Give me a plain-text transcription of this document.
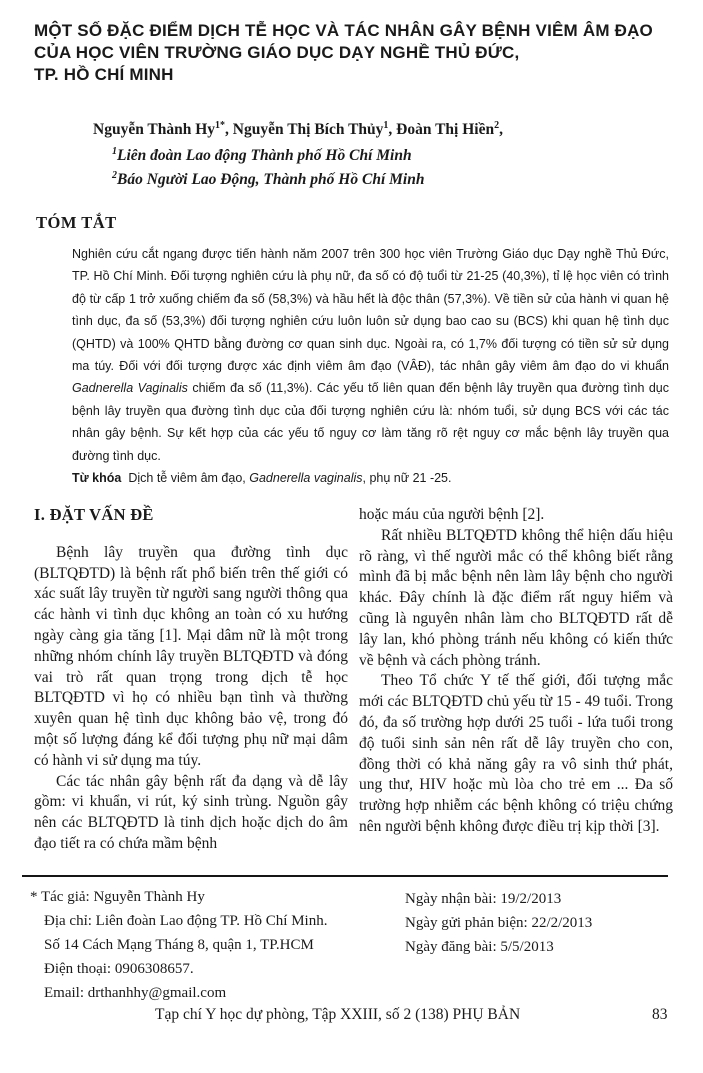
MỘT SỐ ĐẶC ĐIỂM DỊCH TỄ HỌC VÀ TÁC NHÂN GÂY BỆNH VIÊM ÂM ĐẠO
CỦA HỌC VIÊN TRƯỜNG GIÁO DỤC DẠY NGHỀ THỦ ĐỨC,
TP. HỒ CHÍ MINH
Nguyễn Thành $Hy^{1*}$, Nguyễn Thị Bích Thủy$^1$, Đoàn Thị Hiền$^2$,
$^1$Liên đoàn Lao động Thành phố Hồ Chí Minh
$^2$Báo Người Lao Động, Thành phố Hồ Chí Minh
TÓM TẮT

Nghiên cứu cắt ngang được tiến hành năm 2007 trên 300 học viên Trường Giáo dục Dạy nghề Thủ Đức, TP. Hồ Chí Minh. Đối tượng nghiên cứu là phụ nữ, đa số có độ tuổi từ 21-25 (40,3%), tỉ lệ học viên có trình độ từ cấp 1 trở xuống chiếm đa số (58,3%) và hầu hết là độc thân (57,3%). Về tiền sử của hành vi quan hệ tình dục, đa số (53,3%) đối tượng nghiên cứu luôn luôn sử dụng bao cao su (BCS) khi quan hệ tình dục (QHTD) và 100% QHTD bằng đường cơ quan sinh dục. Ngoài ra, có 1,7% đối tượng có tiền sử sử dụng ma túy. Đối với đối tượng được xác định viêm âm đạo (VÂĐ), tác nhân gây viêm âm đạo do vi khuẩn Gadnerella Vaginalis chiếm đa số (11,3%). Các yếu tố liên quan đến bệnh lây truyền qua đường tình dục bệnh lây truyền qua đường tình dục của đối tượng nghiên cứu là: nhóm tuổi, sử dụng BCS với các tác nhân gây bệnh. Sự kết hợp của các yếu tố nguy cơ làm tăng rõ rệt nguy cơ mắc bệnh lây truyền qua đường tình dục.

Từ khóa Dịch tễ viêm âm đạo, Gadnerella vaginalis, phụ nữ 21 -25.

I. ĐẶT VẤN ĐỀ

Bệnh lây truyền qua đường tình dục (BLTQĐTD) là bệnh rất phổ biến trên thế giới có xác suất lây truyền từ người sang người thông qua các hành vi tình dục không an toàn có xu hướng ngày càng gia tăng [1]. Mại dâm nữ là một trong những nhóm chính lây truyền BLTQĐTD và đóng vai trò rất quan trọng trong dịch tễ học BLTQĐTD vì họ có nhiều bạn tình và thường xuyên quan hệ tình dục không bảo vệ, trong đó một số lượng đáng kể đối tượng phụ nữ mại dâm có hành vi sử dụng ma túy.

Các tác nhân gây bệnh rất đa dạng và dễ lây gồm: vi khuẩn, vi rút, ký sinh trùng. Nguồn gây nên các BLTQĐTD là tinh dịch hoặc dịch do âm đạo tiết ra có chứa mầm bệnh

hoặc máu của người bệnh [2].

Rất nhiều BLTQĐTD không thể hiện dấu hiệu rõ ràng, vì thế người mắc có thể không biết rằng mình đã bị mắc bệnh nên làm lây bệnh cho người khác. Đây chính là đặc điểm rất nguy hiểm và cũng là nguyên nhân làm cho BLTQĐTD rất dễ lây lan, khó phòng tránh nếu không có kiến thức về bệnh và cách phòng tránh.

Theo Tổ chức Y tế thế giới, đối tượng mắc mới các BLTQĐTD chủ yếu từ 15 - 49 tuổi. Trong đó, đa số trường hợp dưới 25 tuổi - lứa tuổi trong độ tuổi sinh sản nên rất dễ lây truyền cho con, đồng thời có khả năng gây ra vô sinh thứ phát, ung thư, HIV hoặc mù lòa cho trẻ em ... Đa số trường hợp nhiễm các bệnh không có triệu chứng nên người bệnh không được điều trị kịp thời [3].

* Tác giả: Nguyễn Thành Hy
Địa chỉ: Liên đoàn Lao động TP. Hồ Chí Minh.
Số 14 Cách Mạng Tháng 8, quận 1, TP.HCM
Điện thoại: 0906308657.
Email: drthanhhy@gmail.com
Ngày nhận bài: 19/2/2013
Ngày gửi phản biện: 22/2/2013
Ngày đăng bài: 5/5/2013
Tạp chí Y học dự phòng, Tập XXIII, số 2 (138) PHỤ BẢN	83
